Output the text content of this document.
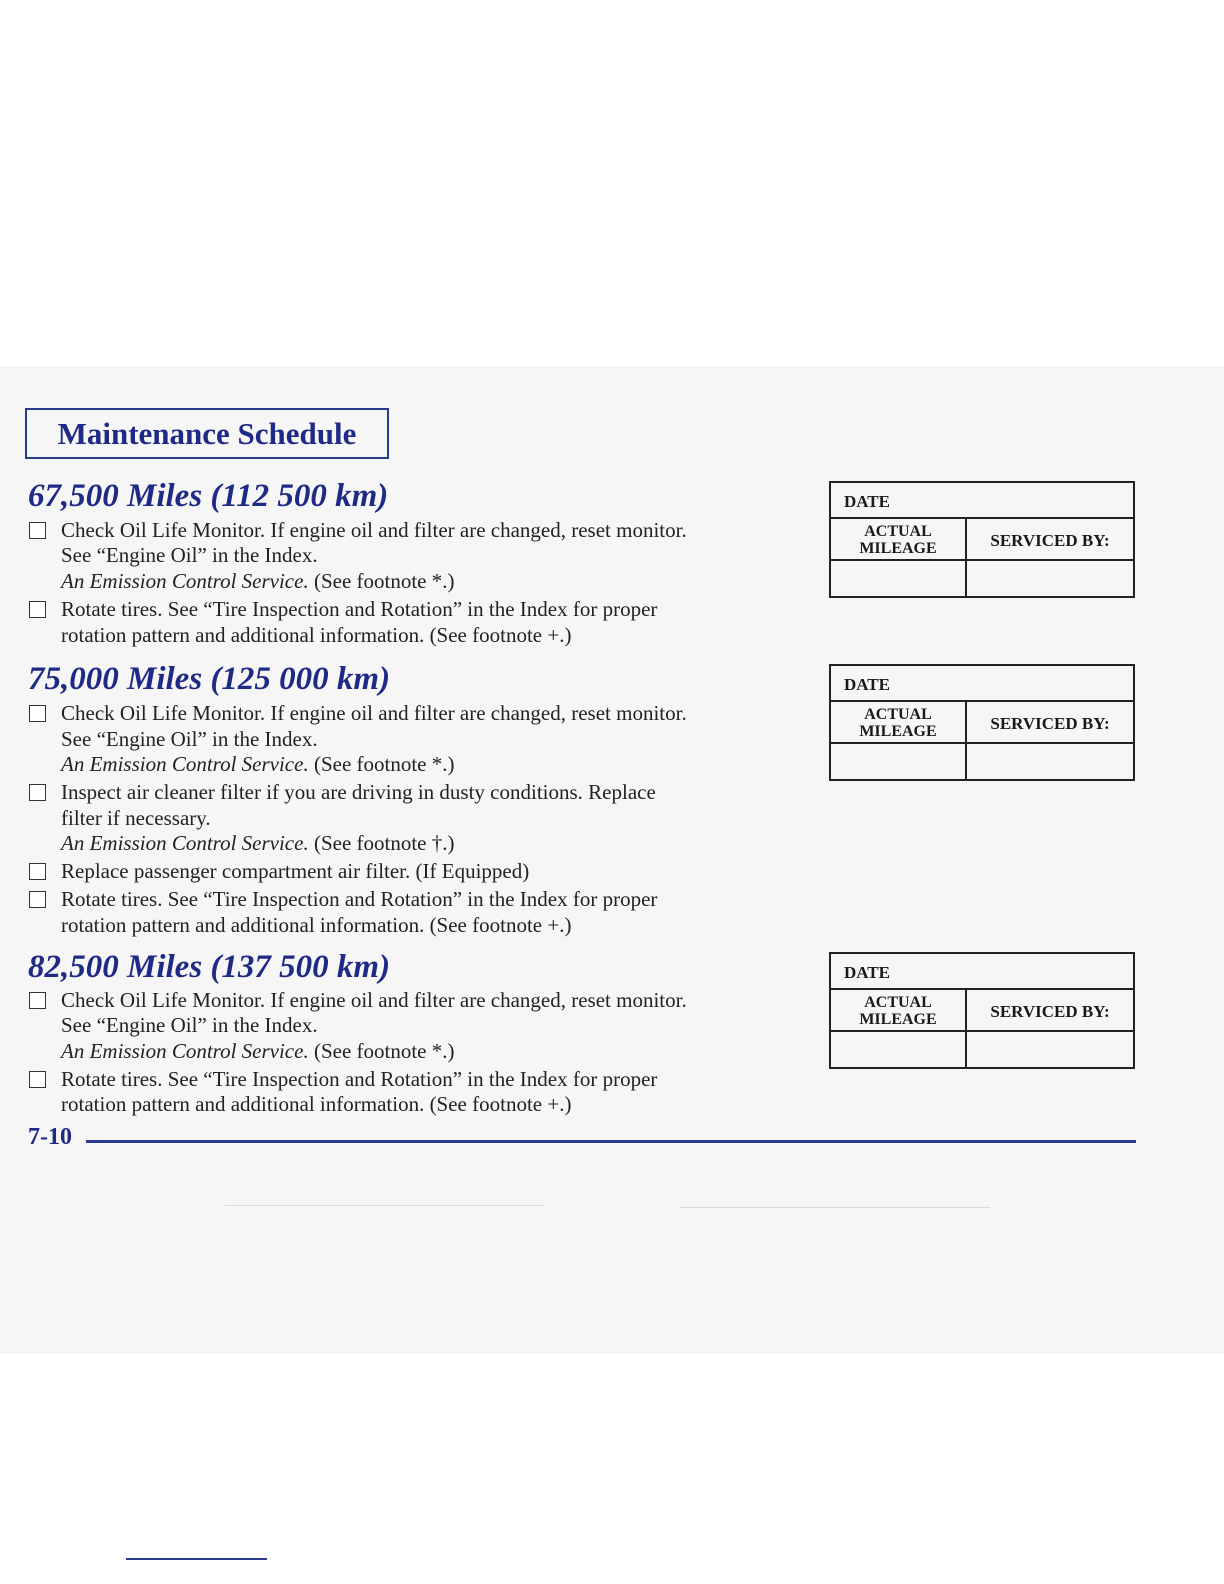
Maintenance Schedule
67,500 Miles (112 500 km)
Check Oil Life Monitor. If engine oil and filter are changed, reset monitor.
See “Engine Oil” in the Index.
An Emission Control Service. (See footnote *.)
Rotate tires. See “Tire Inspection and Rotation” in the Index for proper
rotation pattern and additional information. (See footnote +.)
75,000 Miles (125 000 km)
Check Oil Life Monitor. If engine oil and filter are changed, reset monitor.
See “Engine Oil” in the Index.
An Emission Control Service. (See footnote *.)
Inspect air cleaner filter if you are driving in dusty conditions. Replace
filter if necessary.
An Emission Control Service. (See footnote †.)
Replace passenger compartment air filter. (If Equipped)
Rotate tires. See “Tire Inspection and Rotation” in the Index for proper
rotation pattern and additional information. (See footnote +.)
82,500 Miles (137 500 km)
Check Oil Life Monitor. If engine oil and filter are changed, reset monitor.
See “Engine Oil” in the Index.
An Emission Control Service. (See footnote *.)
Rotate tires. See “Tire Inspection and Rotation” in the Index for proper
rotation pattern and additional information. (See footnote +.)
DATE
ACTUAL
MILEAGE	SERVICED BY:
DATE
ACTUAL
MILEAGE	SERVICED BY:
DATE
ACTUAL
MILEAGE	SERVICED BY:
7-10
